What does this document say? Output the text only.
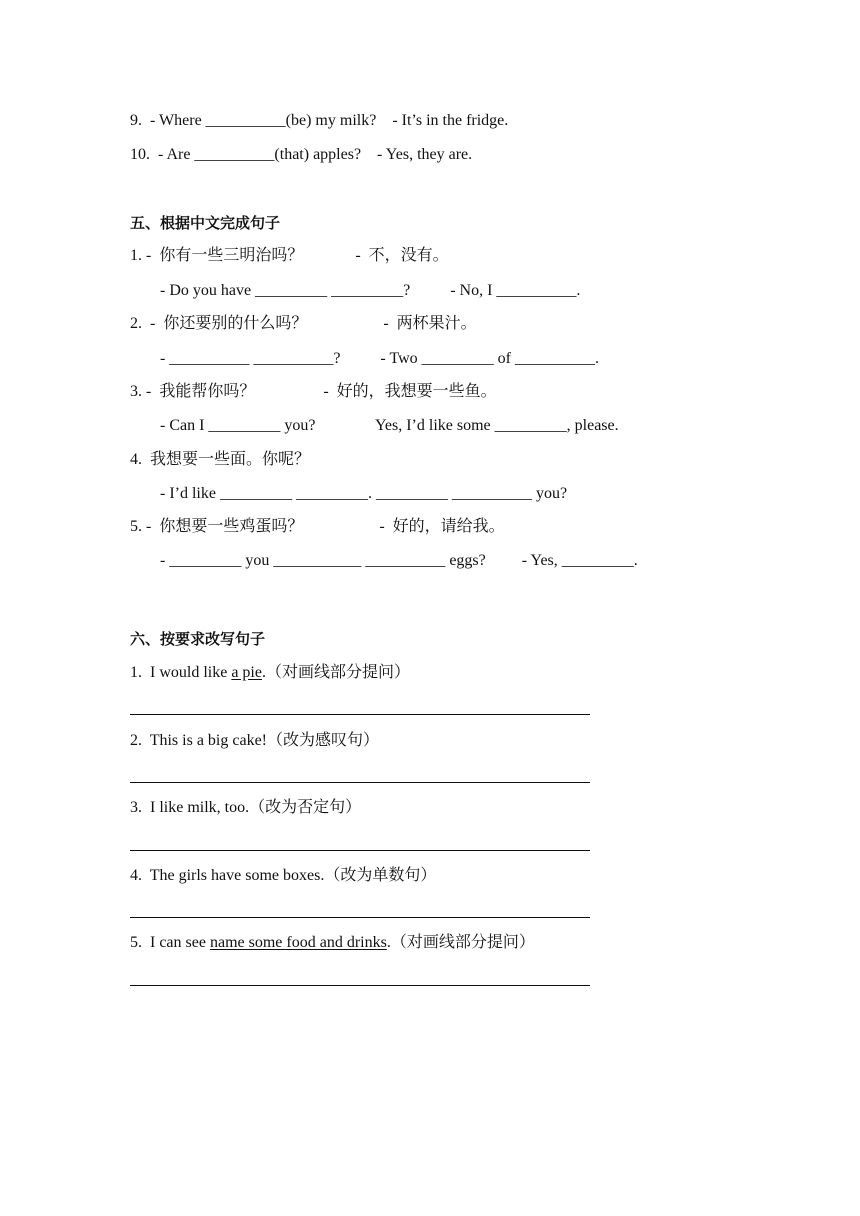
9.  - Where __________(be) my milk?    - It’s in the fridge.
10.  - Are __________(that) apples?    - Yes, they are.
五、根据中文完成句子
1. -  你有一些三明治吗？             -  不，没有。
- Do you have _________ _________?          - No, I __________.
2.  -  你还要别的什么吗？                   -  两杯果汁。
- __________ __________?          - Two _________ of __________.
3. -  我能帮你吗？                 -  好的，我想要一些鱼。
- Can I _________ you?               Yes, I’d like some _________, please.
4.  我想要一些面。你呢？
- I’d like _________ _________. _________ __________ you?
5. -  你想要一些鸡蛋吗？                   -  好的，请给我。
- _________ you ___________ __________ eggs?         - Yes, _________.
六、按要求改写句子
1.  I would like a pie.（对画线部分提问）
2.  This is a big cake!（改为感叹句）
3.  I like milk, too.（改为否定句）
4.  The girls have some boxes.（改为单数句）
5.  I can see name some food and drinks.（对画线部分提问）
